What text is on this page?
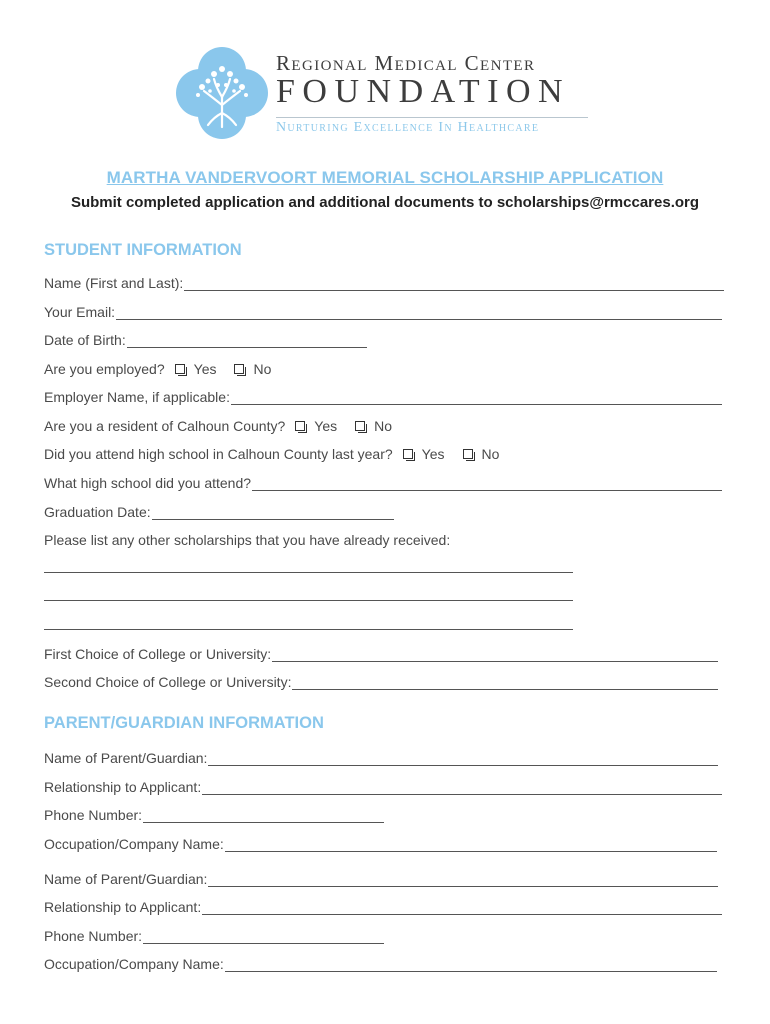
Regional Medical Center
FOUNDATION
Nurturing Excellence In Healthcare
MARTHA VANDERVOORT MEMORIAL SCHOLARSHIP APPLICATION
Submit completed application and additional documents to scholarships@rmccares.org
STUDENT INFORMATION
Name (First and Last):
Your Email:
Date of Birth:
Are you employed? Yes	No
Employer Name, if applicable:
Are you a resident of Calhoun County? Yes	No
Did you attend high school in Calhoun County last year? Yes	No
What high school did you attend?
Graduation Date:
Please list any other scholarships that you have already received:
First Choice of College or University:
Second Choice of College or University:
PARENT/GUARDIAN INFORMATION
Name of Parent/Guardian:
Relationship to Applicant:
Phone Number:
Occupation/Company Name:
Name of Parent/Guardian:
Relationship to Applicant:
Phone Number:
Occupation/Company Name:
